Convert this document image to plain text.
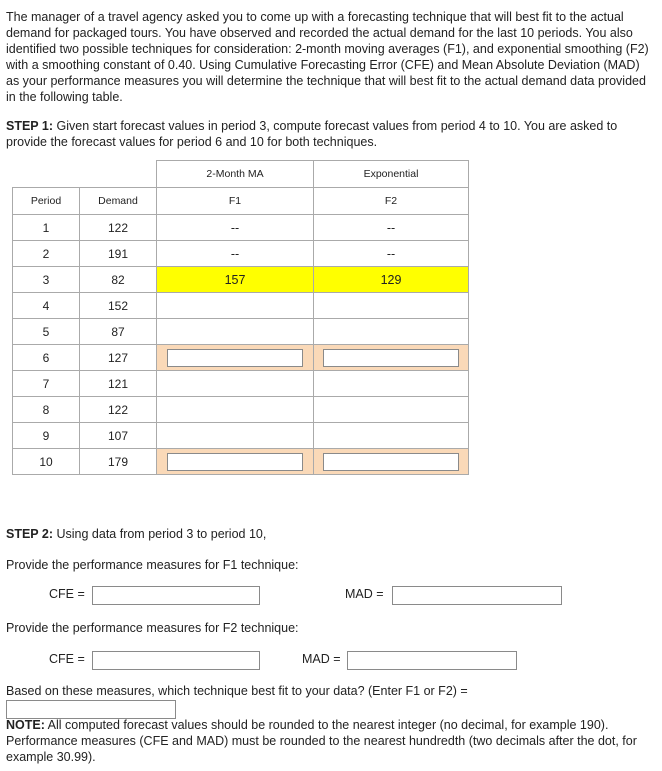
The manager of a travel agency asked you to come up with a forecasting technique that will best fit to the actual demand for packaged tours. You have observed and recorded the actual demand for the last 10 periods. You also identified two possible techniques for consideration: 2-month moving averages (F1), and exponential smoothing (F2) with a smoothing constant of 0.40. Using Cumulative Forecasting Error (CFE) and Mean Absolute Deviation (MAD) as your performance measures you will determine the technique that will best fit to the actual demand data provided in the following table.

STEP 1: Given start forecast values in period 3, compute forecast values from period 4 to 10. You are asked to provide the forecast values for period 6 and 10 for both techniques.

		2-Month MA	Exponential
Period	Demand	F1	F2
1	122	--	--
2	191	--	--
3	82	157	129
4	152		
5	87		
6	127		
7	121		
8	122		
9	107		
10	179		

STEP 2: Using data from period 3 to period 10,

Provide the performance measures for F1 technique:

CFE =	MAD =

Provide the performance measures for F2 technique:

CFE =	MAD =

Based on these measures, which technique best fit to your data? (Enter F1 or F2) =

NOTE: All computed forecast values should be rounded to the nearest integer (no decimal, for example 190). Performance measures (CFE and MAD) must be rounded to the nearest hundredth (two decimals after the dot, for example 30.99).
